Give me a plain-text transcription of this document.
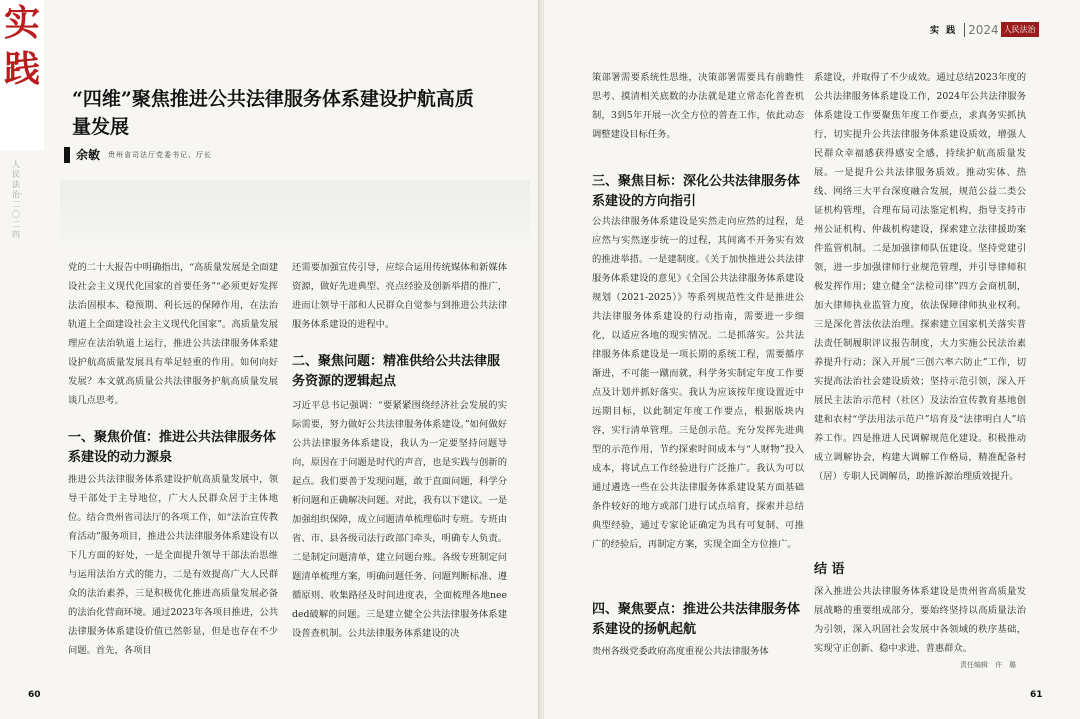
实
践
人民法治·二〇二四
“四维”聚焦推进公共法律服务体系建设护航高质量发展
余敏 贵州省司法厅党委书记、厅长
党的二十大报告中明确指出，“高质量发展是全面建设社会主义现代化国家的首要任务”“必须更好发挥法治固根本、稳预期、利长远的保障作用，在法治轨道上全面建设社会主义现代化国家”。高质量发展理应在法治轨道上运行，推进公共法律服务体系建设护航高质量发展具有举足轻重的作用。如何向好发展？本文就高质量公共法律服务护航高质量发展谈几点思考。
一、聚焦价值：推进公共法律服务体系建设的动力源泉
推进公共法律服务体系建设护航高质量发展中，领导干部处于主导地位，广大人民群众居于主体地位。结合贵州省司法厅的各项工作，如“法治宣传教育活动”服务项目，推进公共法律服务体系建设有以下几方面的好处，一是全面提升领导干部法治思维与运用法治方式的能力，二是有效提高广大人民群众的法治素养，三是积极优化推进高质量发展必备的法治化营商环境。通过2023年各项目推进，公共法律服务体系建设价值已然彰显，但是也存在不少问题。首先，各项目
还需要加强宣传引导，应综合运用传统媒体和新媒体资源，做好先进典型、亮点经验及创新举措的推广，进而让领导干部和人民群众自觉参与到推进公共法律服务体系建设的进程中。
二、聚焦问题：精准供给公共法律服务资源的逻辑起点
习近平总书记强调：“要紧紧围绕经济社会发展的实际需要，努力做好公共法律服务体系建设。”如何做好公共法律服务体系建设，我认为一定要坚持问题导向，原因在于问题是时代的声音，也是实践与创新的起点。我们要善于发现问题，敢于直面问题，科学分析问题和正确解决问题。对此，我有以下建议。一是加强组织保障，成立问题清单梳理临时专班。专班由省、市、县各级司法行政部门牵头，明确专人负责。二是制定问题清单，建立问题台账。各级专班制定问题清单梳理方案，明确问题任务、问题判断标准、遵循原则、收集路径及时间进度表，全面梳理各地needed破解的问题。三是建立健全公共法律服务体系建设普查机制。公共法律服务体系建设的决
60
策部署需要系统性思维，决策部署需要具有前瞻性思考、摸清相关底数的办法就是建立常态化普查机制，3到5年开展一次全方位的普查工作，依此动态调整建设目标任务。
三、聚焦目标：深化公共法律服务体系建设的方向指引
公共法律服务体系建设是实然走向应然的过程，是应然与实然逐步统一的过程，其间离不开务实有效的推进举措。一是建制度。《关于加快推进公共法律服务体系建设的意见》《全国公共法律服务体系建设规划（2021-2025）》等系列规范性文件是推进公共法律服务体系建设的行动指南，需要进一步细化，以适应各地的现实情况。二是抓落实。公共法律服务体系建设是一项长期的系统工程，需要循序渐进，不可能一蹴而就，科学务实制定年度工作要点及计划并抓好落实。我认为应该按年度设置近中远期目标，以此制定年度工作要点，根据版块内容，实行清单管理。三是创示范。充分发挥先进典型的示范作用，节约探索时间成本与“人财物”投入成本，将试点工作经验进行广泛推广。我认为可以通过遴选一些在公共法律服务体系建设某方面基础条件较好的地方或部门进行试点培育，探索并总结典型经验，通过专家论证确定为具有可复制、可推广的经验后，再制定方案，实现全面全方位推广。
四、聚焦要点：推进公共法律服务体系建设的扬帆起航
贵州各级党委政府高度重视公共法律服务体
系建设，并取得了不少成效。通过总结2023年度的公共法律服务体系建设工作，2024年公共法律服务体系建设工作要聚焦年度工作要点，求真务实抓执行，切实提升公共法律服务体系建设质效，增强人民群众幸福感获得感安全感，持续护航高质量发展。一是提升公共法律服务质效。推动实体、热线、网络三大平台深度融合发展，规范公益二类公证机构管理，合理布局司法鉴定机构，指导支持市州公证机构、仲裁机构建设，探索建立法律援助案件监管机制。二是加强律师队伍建设。坚持党建引领，进一步加强律师行业规范管理，并引导律师积极发挥作用；建立健全“法检司律”四方会商机制，加大律师执业监管力度，依法保障律师执业权利。三是深化普法依法治理。探索建立国家机关落实普法责任制履职评议报告制度，大力实施公民法治素养提升行动；深入开展“三创六率六防止”工作，切实提高法治社会建设质效；坚持示范引领，深入开展民主法治示范村（社区）及法治宣传教育基地创建和农村“学法用法示范户”培育及“法律明白人”培养工作。四是推进人民调解规范化建设。积极推动成立调解协会，构建大调解工作格局，精准配备村（居）专职人民调解员，助推诉源治理质效提升。
结 语
深入推进公共法律服务体系建设是贵州省高质量发展战略的重要组成部分，要始终坚持以高质量法治为引领，深入巩固社会发展中各领域的秩序基础，实现守正创新、稳中求进、普惠群众。
61
实 践 2024 人民法治
责任编辑　许　璐
